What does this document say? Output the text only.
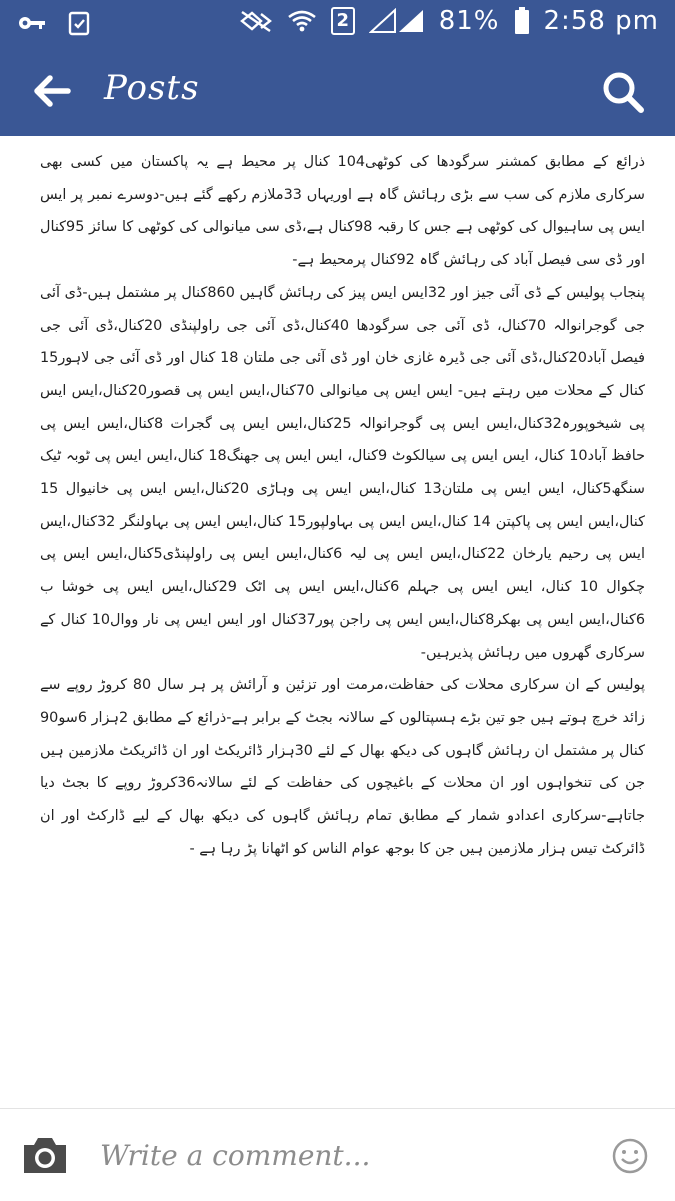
2	81% 2:58 pm
Posts

ذرائع کے مطابق کمشنر سرگودھا کی کوٹھی104 کنال پر محیط ہے یہ پاکستان میں کسی بھی سرکاری ملازم کی سب سے بڑی رہائش گاہ ہے اوریہاں 33ملازم رکھے گئے ہیں-دوسرے نمبر پر ایس ایس پی ساہیوال کی کوٹھی ہے جس کا رقبہ 98کنال ہے،ڈی سی میانوالی کی کوٹھی کا سائز 95کنال اور ڈی سی فیصل آباد کی رہائش گاہ 92کنال پرمحیط ہے-

پنجاب پولیس کے ڈی آئی جیز اور 32ایس ایس پیز کی رہائش گاہیں 860کنال پر مشتمل ہیں-ڈی آئی جی گوجرانوالہ 70کنال، ڈی آئی جی سرگودھا 40کنال،ڈی آئی جی راولپنڈی 20کنال،ڈی آئی جی فیصل آباد20کنال،ڈی آئی جی ڈیرہ غازی خان اور ڈی آئی جی ملتان 18 کنال اور ڈی آئی جی لاہور15 کنال کے محلات میں رہتے ہیں- ایس ایس پی میانوالی 70کنال،ایس ایس پی قصور20کنال،ایس ایس پی شیخوپورہ32کنال،ایس ایس پی گوجرانوالہ 25کنال،ایس ایس پی گجرات 8کنال،ایس ایس پی حافظ آباد10 کنال، ایس ایس پی سیالکوٹ 9کنال، ایس ایس پی جھنگ18 کنال،ایس ایس پی ٹوبہ ٹیک سنگھ5کنال، ایس ایس پی ملتان13 کنال،ایس ایس پی وہاڑی 20کنال،ایس ایس پی خانیوال 15 کنال،ایس ایس پی پاکپتن 14 کنال،ایس ایس پی بہاولپور15 کنال،ایس ایس پی بہاولنگر 32کنال،ایس ایس پی رحیم یارخان 22کنال،ایس ایس پی لیہ 6کنال،ایس ایس پی راولپنڈی5کنال،ایس ایس پی چکوال 10 کنال، ایس ایس پی جہلم 6کنال،ایس ایس پی اٹک 29کنال،ایس ایس پی خوشا ب 6کنال،ایس ایس پی بھکر8کنال،ایس ایس پی راجن پور37کنال اور ایس ایس پی نار ووال10 کنال کے سرکاری گھروں میں رہائش پذیرہیں-

پولیس کے ان سرکاری محلات کی حفاظت،مرمت اور تزئین و آرائش پر ہر سال 80 کروڑ روپے سے زائد خرچ ہوتے ہیں جو تین بڑے ہسپتالوں کے سالانہ بجٹ کے برابر ہے-ذرائع کے مطابق 2ہزار 6سو90 کنال پر مشتمل ان رہائش گاہوں کی دیکھ بھال کے لئے 30ہزار ڈائریکٹ اور ان ڈائریکٹ ملازمین ہیں جن کی تنخواہوں اور ان محلات کے باغیچوں کی حفاظت کے لئے سالانہ36کروڑ روپے کا بجٹ دیا جاتاہے-سرکاری اعدادو شمار کے مطابق تمام رہائش گاہوں کی دیکھ بھال کے لیے ڈارکٹ اور ان ڈائرکٹ تیس ہزار ملازمین ہیں جن کا بوجھ عوام الناس کو اٹھانا پڑ رہا ہے -

Write a comment...
